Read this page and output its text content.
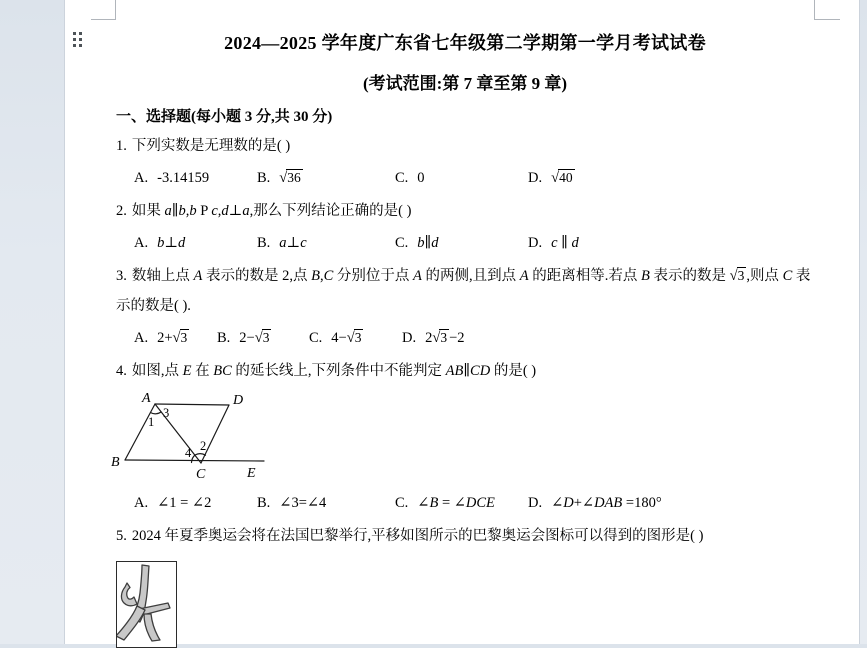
2024—2025 学年度广东省七年级第二学期第一学月考试试卷
(考试范围:第 7 章至第 9 章)
一、选择题(每小题 3 分,共 30 分)
1. 下列实数是无理数的是( )
A. -3.14159	B. √36	C. 0	D. √40
2. 如果 a∥b,b P c,d⊥a,那么下列结论正确的是( )
A. b⊥d	B. a⊥c	C. b∥d	D. c ∥ d
3. 数轴上点 A 表示的数是 2,点 B,C 分别位于点 A 的两侧,且到点 A 的距离相等.若点 B 表示的数是 √3 ,则点 C 表示的数是( ).
A. 2+√3	B. 2−√3	C. 4−√3	D. 2√3 −2
4. 如图,点 E 在 BC 的延长线上,下列条件中不能判定 AB∥CD 的是( )
A	D
B
C	E
1
3
2
4
A. ∠1 = ∠2	B. ∠3=∠4	C. ∠B = ∠DCE	D. ∠D+∠DAB =180°
5. 2024 年夏季奥运会将在法国巴黎举行,平移如图所示的巴黎奥运会图标可以得到的图形是( )
